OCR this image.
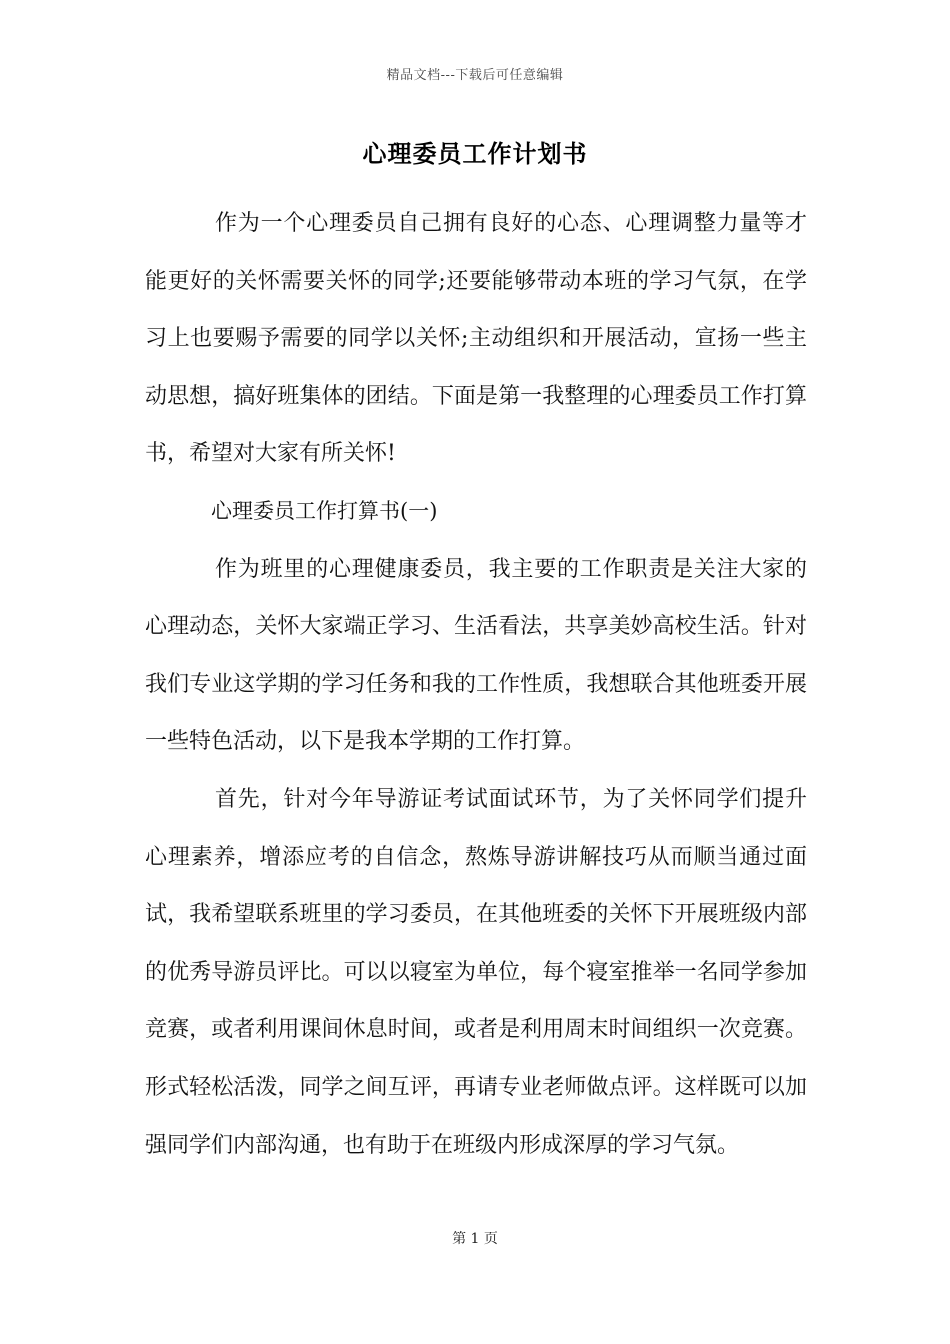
精品文档---下载后可任意编辑
心理委员工作计划书

作为一个心理委员自己拥有良好的心态、心理调整力量等才能更好的关怀需要关怀的同学;还要能够带动本班的学习气氛，在学习上也要赐予需要的同学以关怀;主动组织和开展活动，宣扬一些主动思想，搞好班集体的团结。下面是第一我整理的心理委员工作打算书，希望对大家有所关怀!

心理委员工作打算书(一)

作为班里的心理健康委员，我主要的工作职责是关注大家的心理动态，关怀大家端正学习、生活看法，共享美妙高校生活。针对我们专业这学期的学习任务和我的工作性质，我想联合其他班委开展一些特色活动，以下是我本学期的工作打算。

首先，针对今年导游证考试面试环节，为了关怀同学们提升心理素养，增添应考的自信念，熬炼导游讲解技巧从而顺当通过面试，我希望联系班里的学习委员，在其他班委的关怀下开展班级内部的优秀导游员评比。可以以寝室为单位，每个寝室推举一名同学参加竞赛，或者利用课间休息时间，或者是利用周末时间组织一次竞赛。形式轻松活泼，同学之间互评，再请专业老师做点评。这样既可以加强同学们内部沟通，也有助于在班级内形成深厚的学习气氛。

第 1 页
